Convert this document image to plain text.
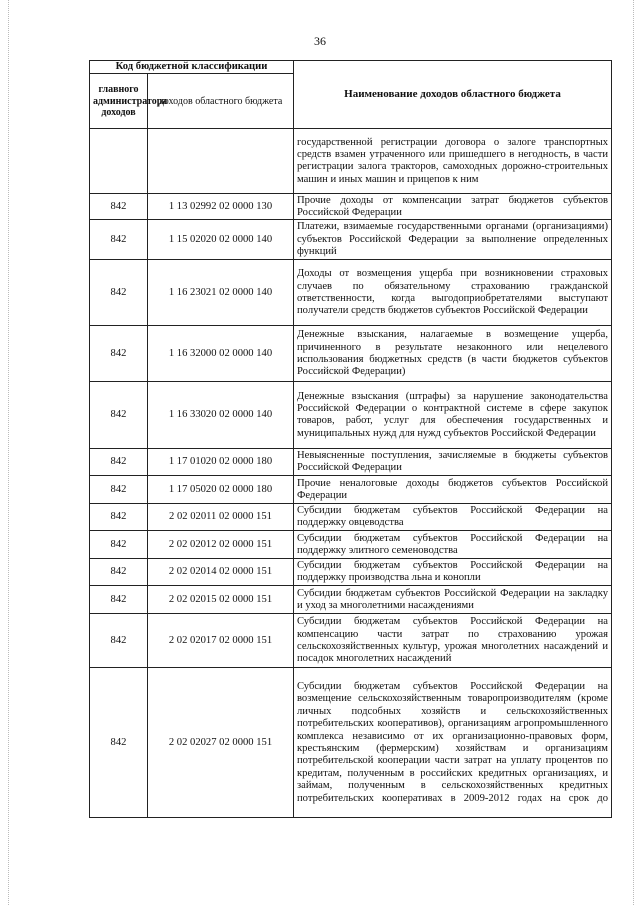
36
Код бюджетной классификации		Наименование доходов областного бюджета
главного администратора доходов	доходов областного бюджета	
		государственной регистрации договора о залоге транспортных средств взамен утраченного или пришедшего в негодность, в части регистрации залога тракторов, самоходных дорожно-строительных машин и иных машин и прицепов к ним
842	1 13 02992 02 0000 130	Прочие доходы от компенсации затрат бюджетов субъектов Российской Федерации
842	1 15 02020 02 0000 140	Платежи, взимаемые государственными органами (организациями) субъектов Российской Федерации за выполнение определенных функций
842	1 16 23021 02 0000 140	Доходы от возмещения ущерба при возникновении страховых случаев по обязательному страхованию гражданской ответственности, когда выгодоприобретателями выступают получатели средств бюджетов субъектов Российской Федерации
842	1 16 32000 02 0000 140	Денежные взыскания, налагаемые в возмещение ущерба, причиненного в результате незаконного или нецелевого использования бюджетных средств (в части бюджетов субъектов Российской Федерации)
842	1 16 33020 02 0000 140	Денежные взыскания (штрафы) за нарушение законодательства Российской Федерации о контрактной системе в сфере закупок товаров, работ, услуг для обеспечения государственных и муниципальных нужд для нужд субъектов Российской Федерации
842	1 17 01020 02 0000 180	Невыясненные поступления, зачисляемые в бюджеты субъектов Российской Федерации
842	1 17 05020 02 0000 180	Прочие неналоговые доходы бюджетов субъектов Российской Федерации
842	2 02 02011 02 0000 151	Субсидии бюджетам субъектов Российской Федерации на поддержку овцеводства
842	2 02 02012 02 0000 151	Субсидии бюджетам субъектов Российской Федерации на поддержку элитного семеноводства
842	2 02 02014 02 0000 151	Субсидии бюджетам субъектов Российской Федерации на поддержку производства льна и конопли
842	2 02 02015 02 0000 151	Субсидии бюджетам субъектов Российской Федерации на закладку и уход за многолетними насаждениями
842	2 02 02017 02 0000 151	Субсидии бюджетам субъектов Российской Федерации на компенсацию части затрат по страхованию урожая сельскохозяйственных культур, урожая многолетних насаждений и посадок многолетних насаждений
842	2 02 02027 02 0000 151	Субсидии бюджетам субъектов Российской Федерации на возмещение сельскохозяйственным товаропроизводителям (кроме личных подсобных хозяйств и сельскохозяйственных потребительских кооперативов), организациям агропромышленного комплекса независимо от их организационно-правовых форм, крестьянским (фермерским) хозяйствам и организациям потребительской кооперации части затрат на уплату процентов по кредитам, полученным в российских кредитных организациях, и займам, полученным в сельскохозяйственных кредитных потребительских кооперативах в 2009-2012 годах на срок до
